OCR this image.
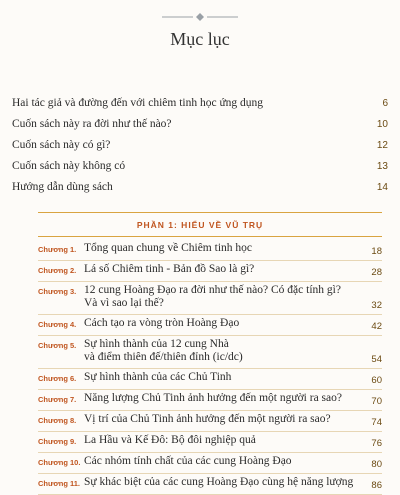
Mục lục
Hai tác giả và đường đến với chiêm tinh học ứng dụng	6
Cuốn sách này ra đời như thế nào?	10
Cuốn sách này có gì?	12
Cuốn sách này không có	13
Hướng dẫn dùng sách	14
PHẦN 1: HIỂU VỀ VŨ TRỤ
Chương 1. Tổng quan chung về Chiêm tinh học	18
Chương 2. Lá số Chiêm tinh - Bản đồ Sao là gì?	28
Chương 3. 12 cung Hoàng Đạo ra đời như thế nào? Có đặc tính gì?
Và vì sao lại thế?	32
Chương 4. Cách tạo ra vòng tròn Hoàng Đạo	42
Chương 5. Sự hình thành của 12 cung Nhà
và điểm thiên đế/thiên đỉnh (ic/dc)	54
Chương 6. Sự hình thành của các Chủ Tinh	60
Chương 7. Năng lượng Chủ Tinh ảnh hưởng đến một người ra sao?	70
Chương 8. Vị trí của Chủ Tinh ảnh hưởng đến một người ra sao?	74
Chương 9. La Hầu và Kế Đô: Bộ đôi nghiệp quả	76
Chương 10. Các nhóm tính chất của các cung Hoàng Đạo	80
Chương 11. Sự khác biệt của các cung Hoàng Đạo cùng hệ năng lượng	86
